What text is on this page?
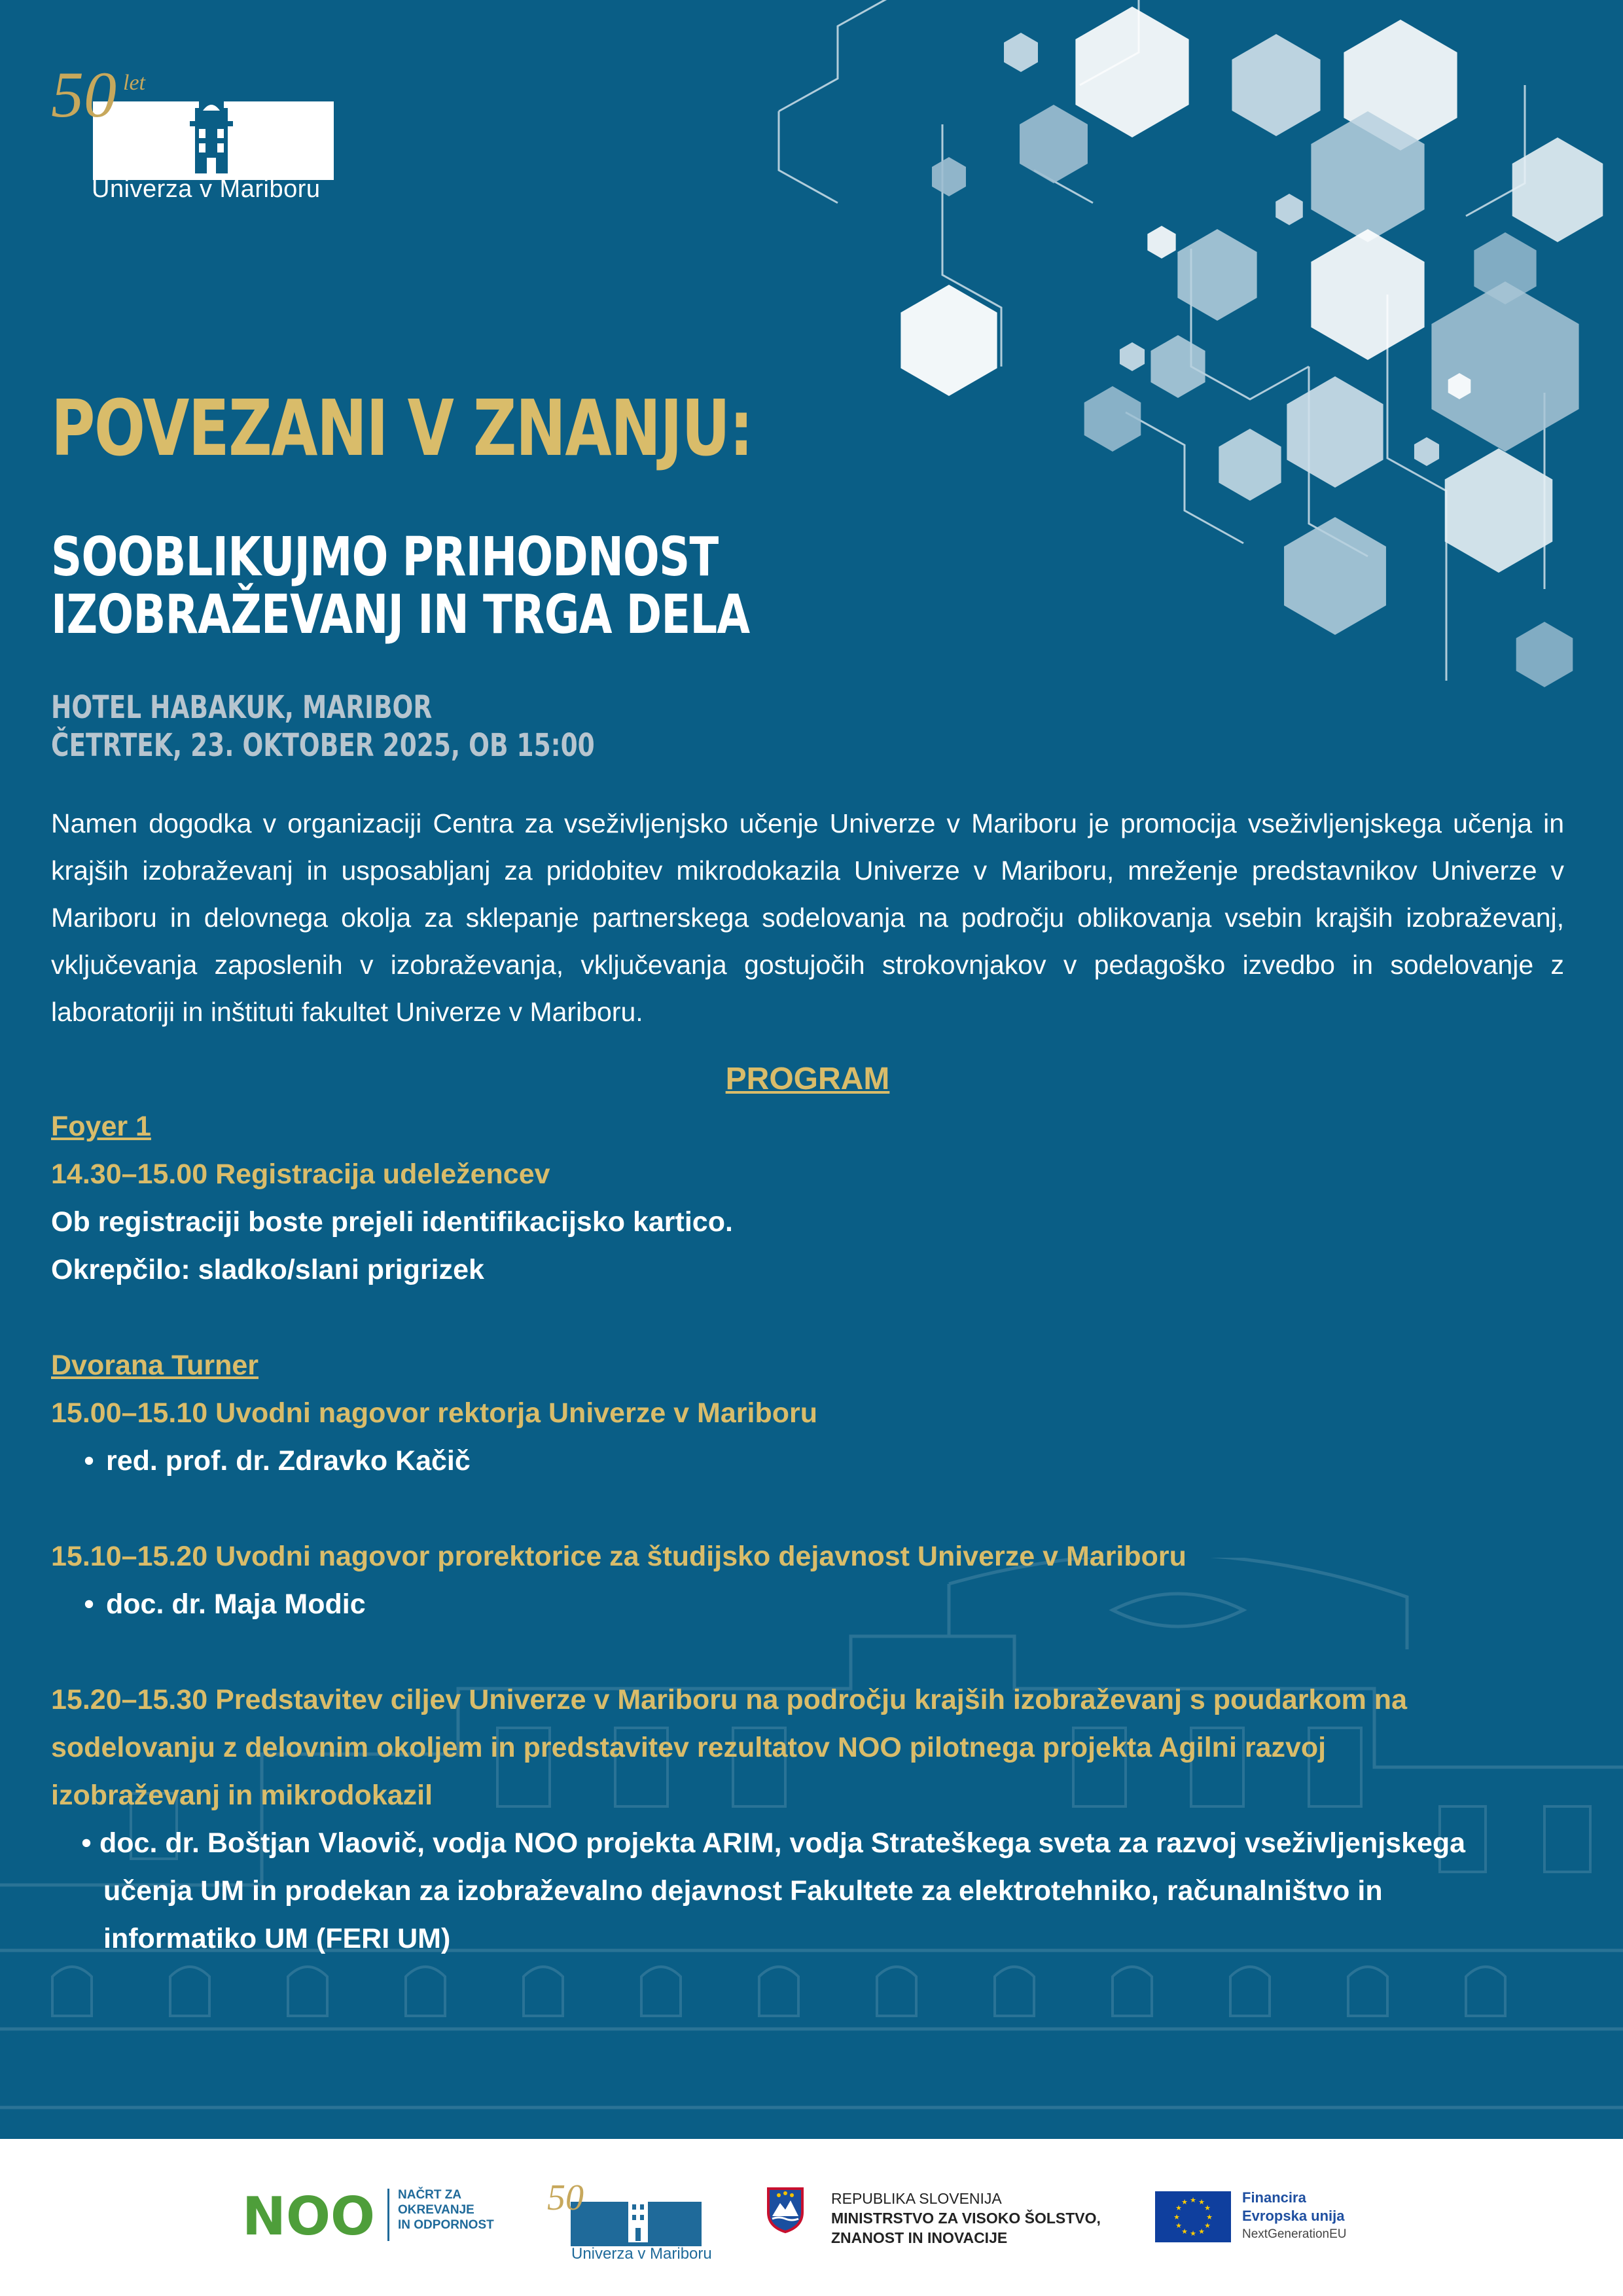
50 let
Univerza v Mariboru
POVEZANI V ZNANJU:
SOOBLIKUJMO PRIHODNOST
IZOBRAŽEVANJ IN TRGA DELA
HOTEL HABAKUK, MARIBOR
ČETRTEK, 23. OKTOBER 2025, OB 15:00

Namen dogodka v organizaciji Centra za vseživljenjsko učenje Univerze v Mariboru je promocija vseživljenjskega učenja in krajših izobraževanj in usposabljanj za pridobitev mikrodokazila Univerze v Mariboru, mreženje predstavnikov Univerze v Mariboru in delovnega okolja za sklepanje partnerskega sodelovanja na področju oblikovanja vsebin krajših izobraževanj, vključevanja zaposlenih v izobraževanja, vključevanja gostujočih strokovnjakov v pedagoško izvedbo in sodelovanje z laboratoriji in inštituti fakultet Univerze v Mariboru.

PROGRAM
Foyer 1
14.30–15.00 Registracija udeležencev
Ob registraciji boste prejeli identifikacijsko kartico.
Okrepčilo: sladko/slani prigrizek
Dvorana Turner
15.00–15.10 Uvodni nagovor rektorja Univerze v Mariboru
• red. prof. dr. Zdravko Kačič
15.10–15.20 Uvodni nagovor prorektorice za študijsko dejavnost Univerze v Mariboru
• doc. dr. Maja Modic
15.20–15.30 Predstavitev ciljev Univerze v Mariboru na področju krajših izobraževanj s poudarkom na
sodelovanju z delovnim okoljem in predstavitev rezultatov NOO pilotnega projekta Agilni razvoj
izobraževanj in mikrodokazil
• doc. dr. Boštjan Vlaovič, vodja NOO projekta ARIM, vodja Strateškega sveta za razvoj vseživljenjskega
učenja UM in prodekan za izobraževalno dejavnost Fakultete za elektrotehniko, računalništvo in
informatiko UM (FERI UM)
NOO NAČRT ZA
OKREVANJE
IN ODPORNOST
50
Univerza v Mariboru
REPUBLIKA SLOVENIJA
MINISTRSTVO ZA VISOKO ŠOLSTVO,
ZNANOST IN INOVACIJE
★ ★
★
★
★
★
★
★
★
★
★
★	Financira
Evropska unija
NextGenerationEU
